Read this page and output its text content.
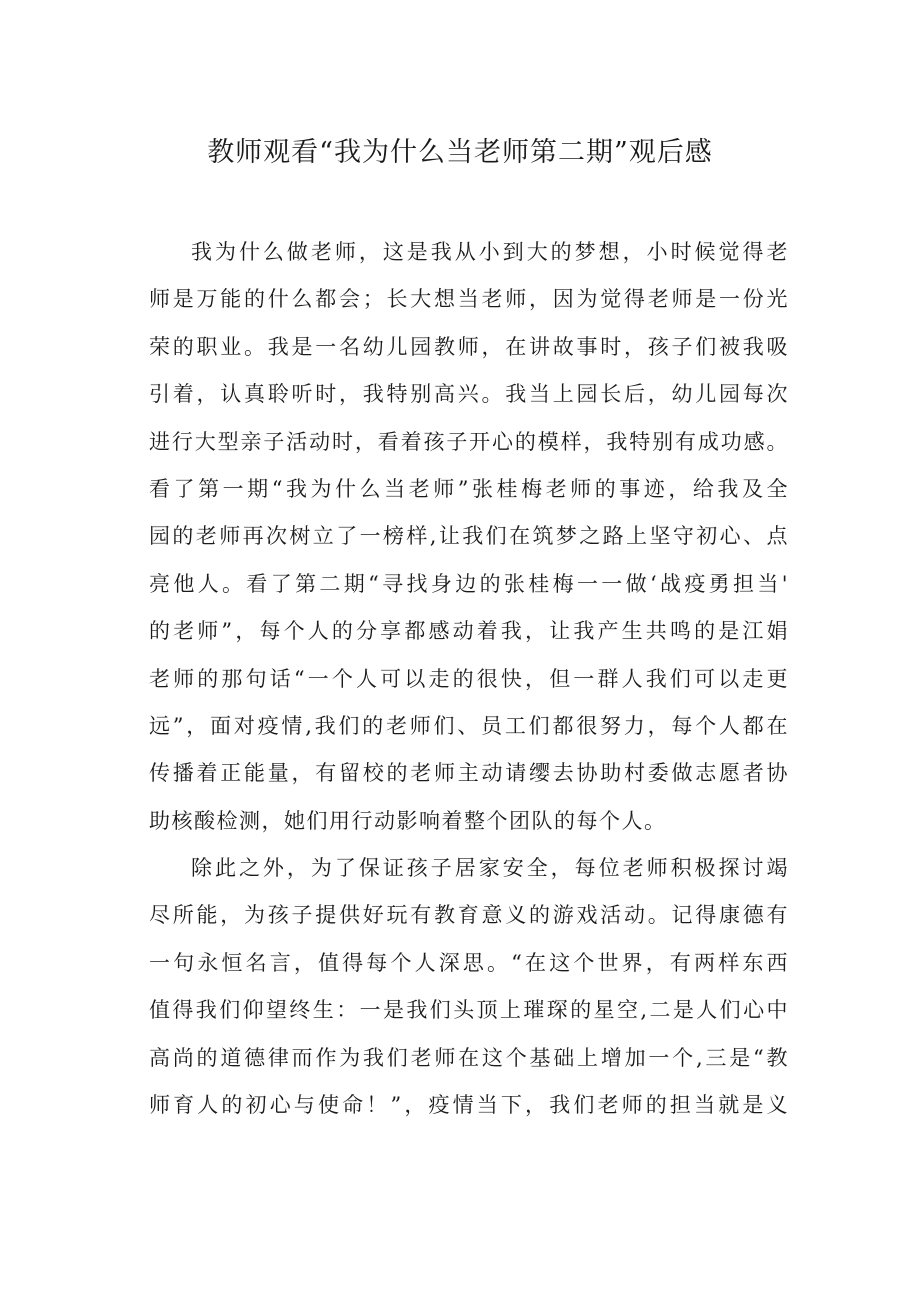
教师观看“我为什么当老师第二期”观后感
我为什么做老师，这是我从小到大的梦想，小时候觉得老
师是万能的什么都会；长大想当老师，因为觉得老师是一份光
荣的职业。我是一名幼儿园教师，在讲故事时，孩子们被我吸
引着，认真聆听时，我特别高兴。我当上园长后，幼儿园每次
进行大型亲子活动时，看着孩子开心的模样，我特别有成功感。
看了第一期“我为什么当老师”张桂梅老师的事迹，给我及全
园的老师再次树立了一榜样,让我们在筑梦之路上坚守初心、点
亮他人。看了第二期“寻找身边的张桂梅一一做‘战疫勇担当'
的老师”，每个人的分享都感动着我，让我产生共鸣的是江娟
老师的那句话“一个人可以走的很快，但一群人我们可以走更
远”，面对疫情,我们的老师们、员工们都很努力，每个人都在
传播着正能量，有留校的老师主动请缨去协助村委做志愿者协
助核酸检测，她们用行动影响着整个团队的每个人。
除此之外，为了保证孩子居家安全，每位老师积极探讨竭
尽所能，为孩子提供好玩有教育意义的游戏活动。记得康德有
一句永恒名言，值得每个人深思。“在这个世界，有两样东西
值得我们仰望终生：一是我们头顶上璀琛的星空,二是人们心中
高尚的道德律而作为我们老师在这个基础上增加一个,三是“教
师育人的初心与使命！”，疫情当下，我们老师的担当就是义
